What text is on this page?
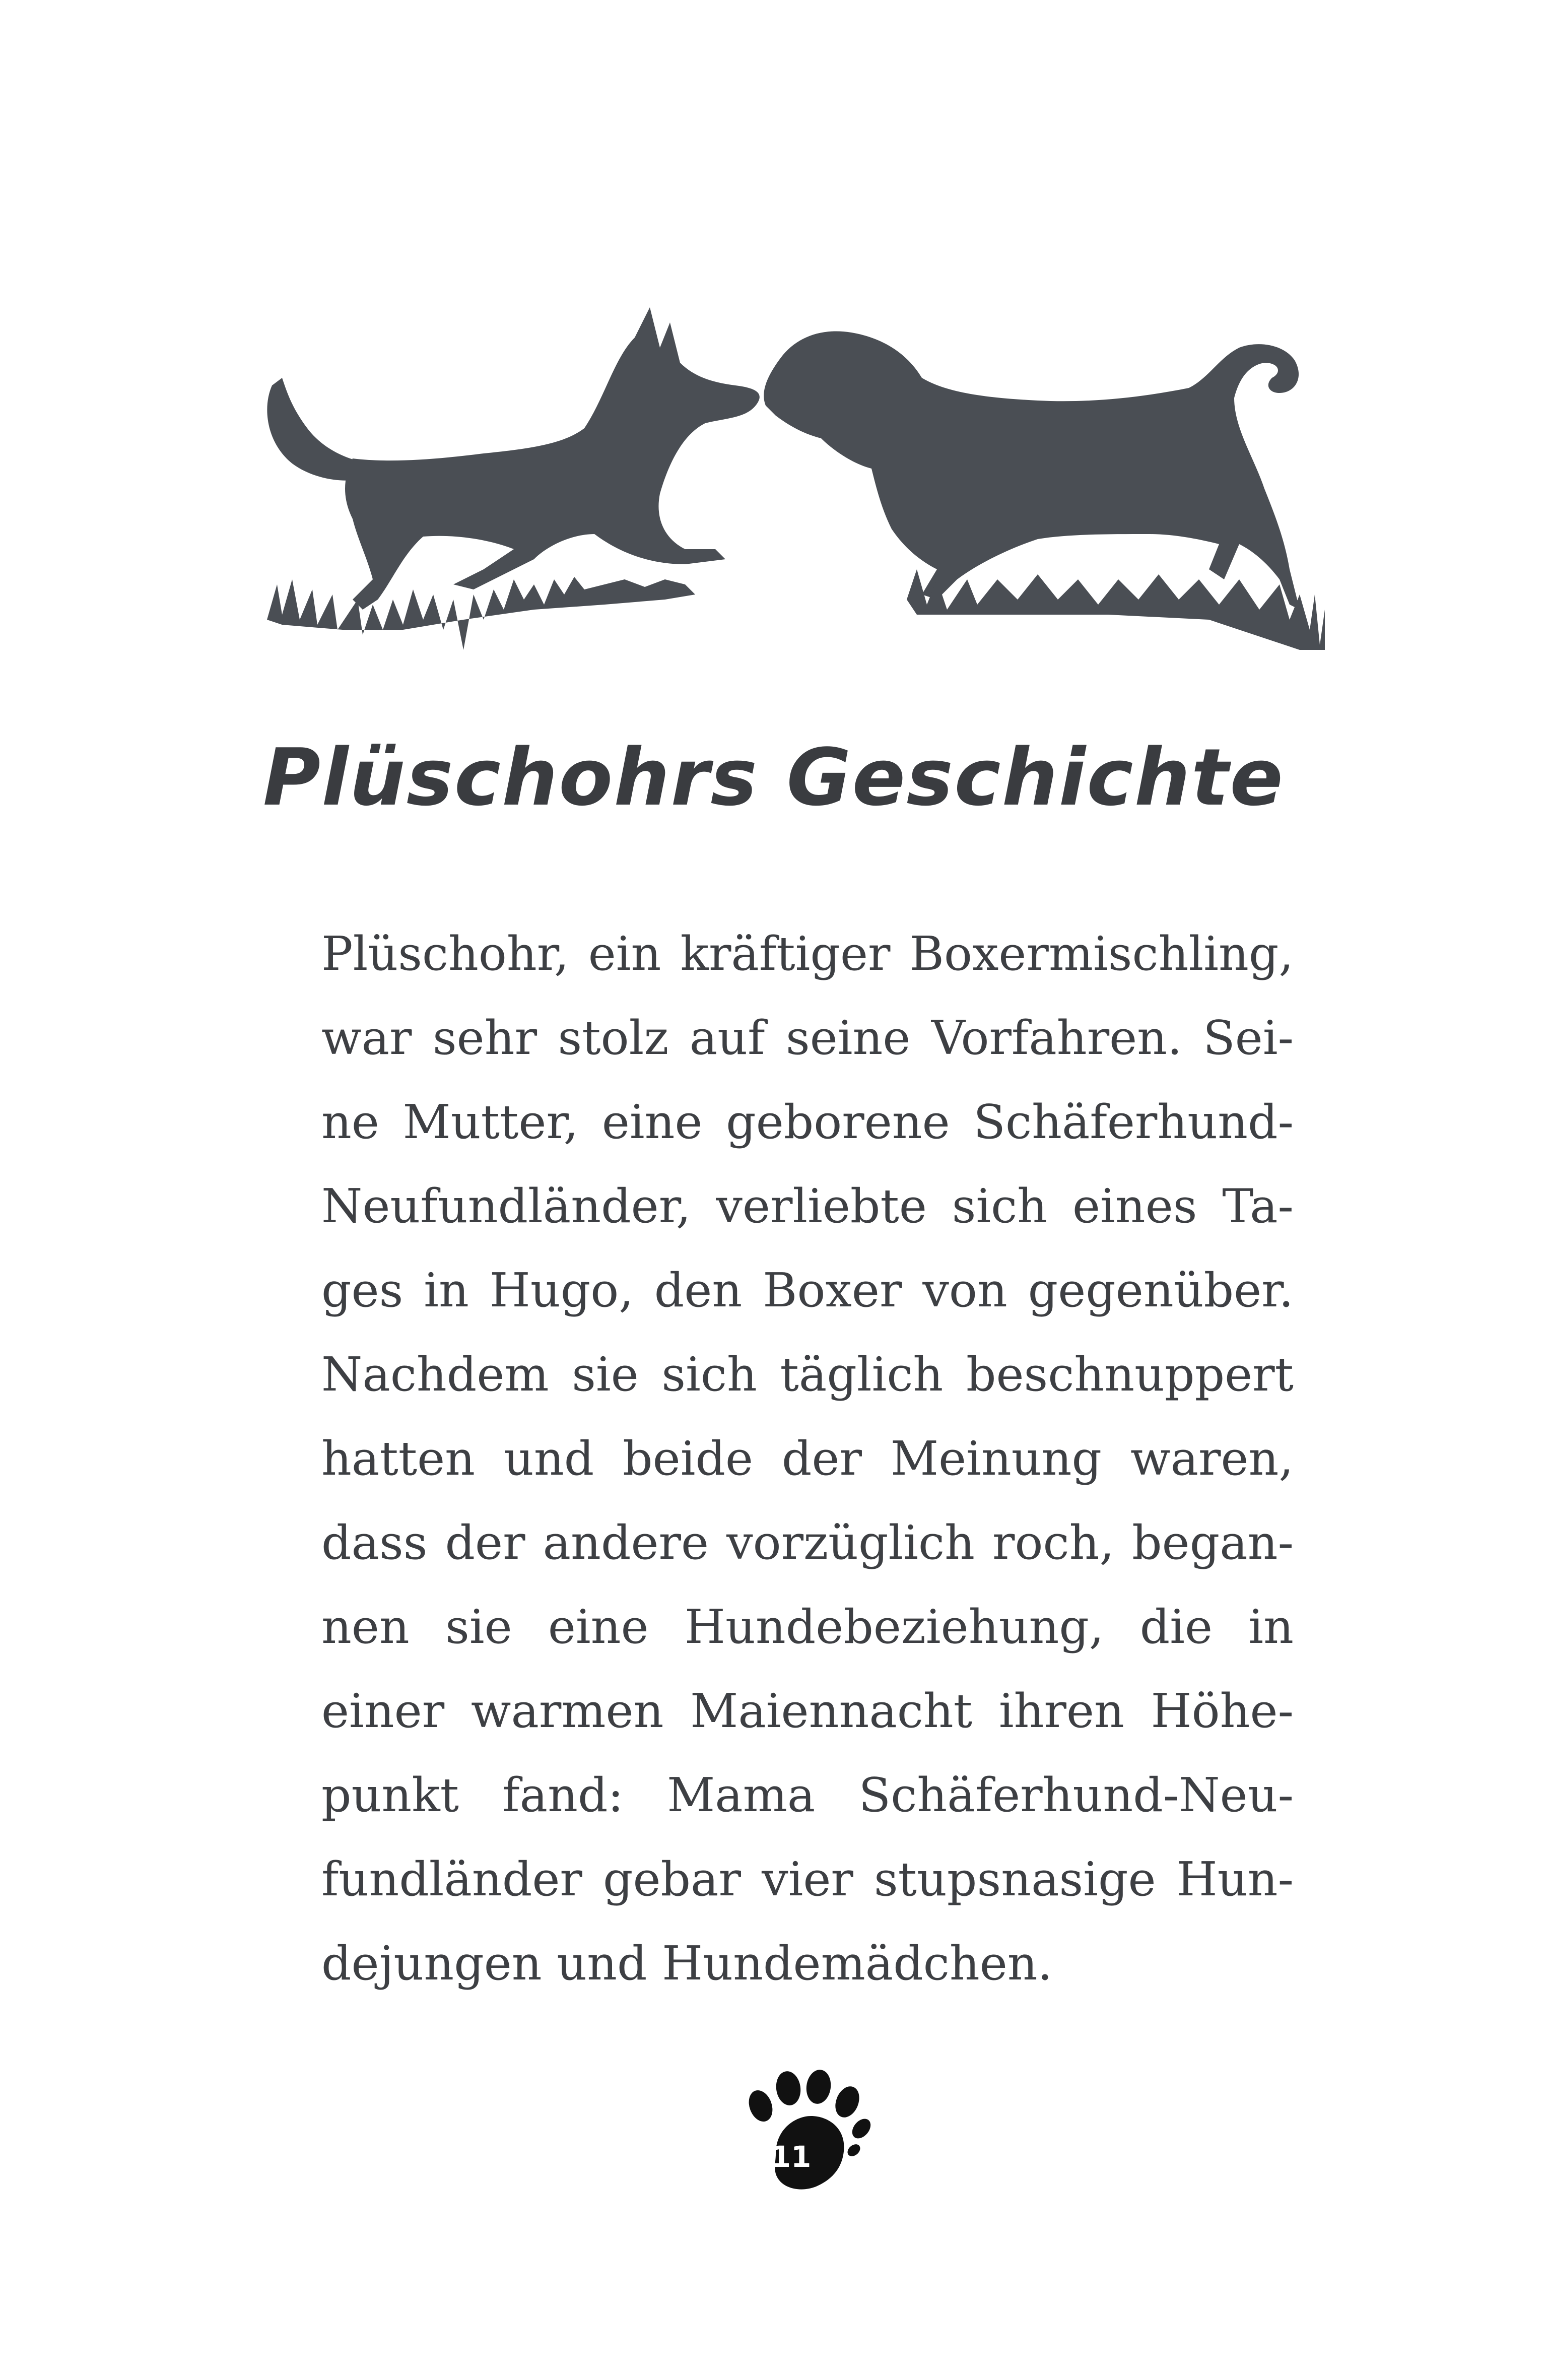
Plüschohrs Geschichte
Plüschohr, ein kräftiger Boxermischling,
war sehr stolz auf seine Vorfahren. Sei-
ne Mutter, eine geborene Schäferhund-
Neufundländer, verliebte sich eines Ta-
ges in Hugo, den Boxer von gegenüber.
Nachdem sie sich täglich beschnuppert
hatten und beide der Meinung waren,
dass der andere vorzüglich roch, began-
nen sie eine Hundebeziehung, die in
einer warmen Maiennacht ihren Höhe-
punkt fand: Mama Schäferhund-Neu-
fundländer gebar vier stupsnasige Hun-
dejungen und Hundemädchen.
11
